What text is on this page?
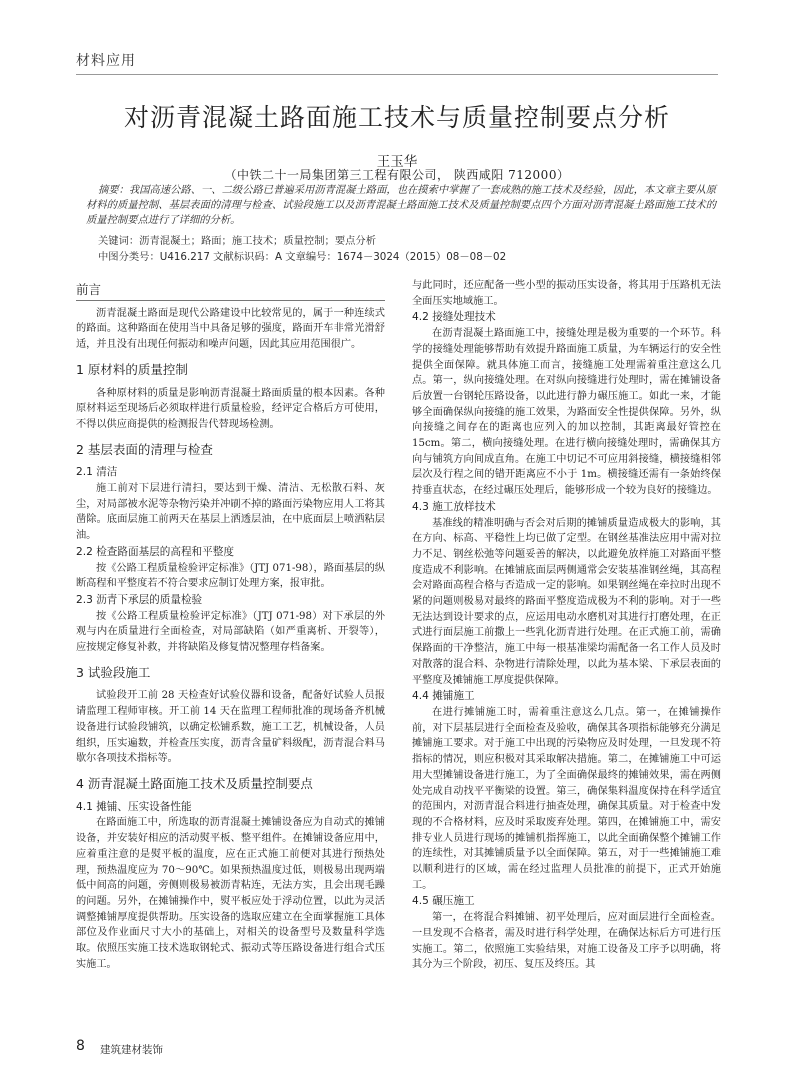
材料应用
对沥青混凝土路面施工技术与质量控制要点分析
王玉华
（中铁二十一局集团第三工程有限公司， 陕西咸阳 712000）

摘要：我国高速公路、一、二级公路已普遍采用沥青混凝土路面，也在摸索中掌握了一套成熟的施工技术及经验，因此，本文章主要从原材料的质量控制、基层表面的清理与检查、试验段施工以及沥青混凝土路面施工技术及质量控制要点四个方面对沥青混凝土路面施工技术的质量控制要点进行了详细的分析。

关键词：沥青混凝土；路面；施工技术；质量控制；要点分析
中图分类号：U416.217 文献标识码：A 文章编号：1674－3024（2015）08－08－02
前言
沥青混凝土路面是现代公路建设中比较常见的，属于一种连续式的路面。这种路面在使用当中具备足够的强度，路面开车非常光滑舒适，并且没有出现任何振动和噪声问题，因此其应用范围很广。
1 原材料的质量控制
各种原材料的质量是影响沥青混凝土路面质量的根本因素。各种原材料运至现场后必须取样进行质量检验，经评定合格后方可使用，不得以供应商提供的检测报告代替现场检测。
2 基层表面的清理与检查
2.1 清洁
施工前对下层进行清扫，要达到干燥、清洁、无松散石料、灰尘，对局部被水泥等杂物污染并冲刷不掉的路面污染物应用人工将其凿除。底面层施工前两天在基层上洒透层油，在中底面层上喷洒粘层油。
2.2 检查路面基层的高程和平整度
按《公路工程质量检验评定标准》（JTJ 071-98），路面基层的纵断高程和平整度若不符合要求应制订处理方案，报审批。
2.3 沥青下承层的质量检验
按《公路工程质量检验评定标准》（JTJ 071-98）对下承层的外观与内在质量进行全面检查，对局部缺陷（如严重离析、开裂等），应按规定修复补救，并将缺陷及修复情况整理存档备案。
3 试验段施工
试验段开工前 28 天检查好试验仪器和设备，配备好试验人员报请监理工程师审核。开工前 14 天在监理工程师批准的现场备齐机械设备进行试验段铺筑，以确定松铺系数，施工工艺，机械设备，人员组织，压实遍数，并检查压实度，沥青含量矿料级配，沥青混合料马歇尔各项技术指标等。
4 沥青混凝土路面施工技术及质量控制要点
4.1 摊铺、压实设备性能
在路面施工中，所选取的沥青混凝土摊铺设备应为自动式的摊铺设备，并安装好相应的活动熨平板、整平组件。在摊铺设备应用中，应着重注意的是熨平板的温度，应在正式施工前便对其进行预热处理，预热温度应为 70～90℃。如果预热温度过低，则极易出现两端低中间高的问题，旁侧则极易被沥青粘连，无法方实，且会出现毛躁的问题。另外，在摊铺操作中，熨平板应处于浮动位置，以此为灵活调整摊铺厚度提供帮助。压实设备的选取应建立在全面掌握施工具体部位及作业面尺寸大小的基础上，对相关的设备型号及数量科学选取。依照压实施工技术选取钢轮式、振动式等压路设备进行组合式压实施工。
与此同时，还应配备一些小型的振动压实设备，将其用于压路机无法全面压实地域施工。
4.2 接缝处理技术
在沥青混凝土路面施工中，接缝处理是极为重要的一个环节。科学的接缝处理能够帮助有效提升路面施工质量，为车辆运行的安全性提供全面保障。就具体施工而言，接缝施工处理需着重注意这么几点。第一，纵向接缝处理。在对纵向接缝进行处理时，需在摊铺设备后放置一台钢轮压路设备，以此进行静力碾压施工。如此一来，才能够全面确保纵向接缝的施工效果，为路面安全性提供保障。另外，纵向接缝之间存在的距离也应列入的加以控制，其距离最好管控在 15cm。第二，横向接缝处理。在进行横向接缝处理时，需确保其方向与铺筑方向间成直角。在施工中切记不可应用斜接缝，横接缝相邻层次及行程之间的错开距离应不小于 1m。横接缝还需有一条始终保持垂直状态，在经过碾压处理后，能够形成一个较为良好的接缝边。
4.3 施工放样技术
基准线的精准明确与否会对后期的摊铺质量造成极大的影响，其在方向、标高、平稳性上均已做了定型。在钢丝基准法应用中需对拉力不足、钢丝松弛等问题妥善的解决，以此避免放样施工对路面平整度造成不利影响。在摊铺底面层两侧通常会安装基准钢丝绳，其高程会对路面高程合格与否造成一定的影响。如果钢丝绳在牵拉时出现不紧的问题则极易对最终的路面平整度造成极为不利的影响。对于一些无法达到设计要求的点，应运用电动水磨机对其进行打磨处理，在正式进行面层施工前撒上一些乳化沥青进行处理。在正式施工前，需确保路面的干净整洁，施工中每一根基准梁均需配备一名工作人员及时对散落的混合料、杂物进行清除处理，以此为基本梁、下承层表面的平整度及摊铺施工厚度提供保障。
4.4 摊铺施工
在进行摊铺施工时，需着重注意这么几点。第一，在摊铺操作前，对下层基层进行全面检查及验收，确保其各项指标能够充分满足摊铺施工要求。对于施工中出现的污染物应及时处理，一旦发现不符指标的情况，则应积极对其采取解决措施。第二，在摊铺施工中可运用大型摊铺设备进行施工，为了全面确保最终的摊铺效果，需在两侧处完成自动找平平衡梁的设置。第三，确保集料温度保持在科学适宜的范围内，对沥青混合料进行抽查处理，确保其质量。对于检查中发现的不合格材料，应及时采取废弃处理。第四，在摊铺施工中，需安排专业人员进行现场的摊铺机指挥施工，以此全面确保整个摊铺工作的连续性，对其摊铺质量予以全面保障。第五，对于一些摊铺施工难以顺利进行的区域，需在经过监理人员批准的前提下，正式开始施工。
4.5 碾压施工
第一，在将混合料摊铺、初平处理后，应对面层进行全面检查。一旦发现不合格者，需及时进行科学处理，在确保达标后方可进行压实施工。第二，依照施工实验结果，对施工设备及工序予以明确，将其分为三个阶段，初压、复压及终压。其
8 建筑建材装饰
